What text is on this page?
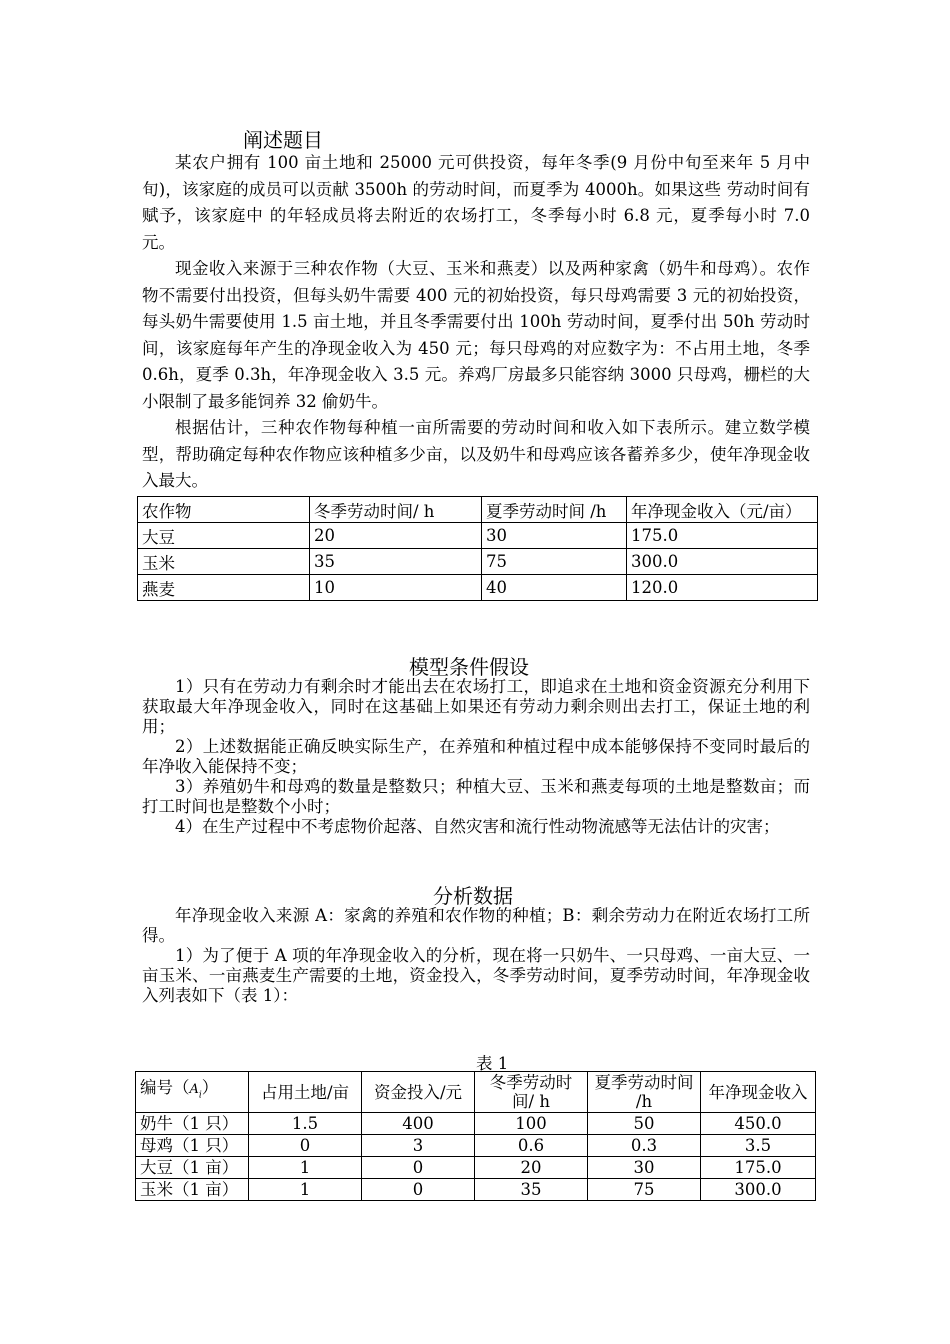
阐述题目

某农户拥有 100 亩土地和 25000 元可供投资，每年冬季(9 月份中旬至来年 5 月中旬)，该家庭的成员可以贡献 3500h 的劳动时间，而夏季为 4000h。如果这些 劳动时间有赋予，该家庭中 的年轻成员将去附近的农场打工，冬季每小时 6.8 元，夏季每小时 7.0 元。

现金收入来源于三种农作物（大豆、玉米和燕麦）以及两种家禽（奶牛和母鸡）。农作物不需要付出投资，但每头奶牛需要 400 元的初始投资，每只母鸡需要 3 元的初始投资，每头奶牛需要使用 1.5 亩土地，并且冬季需要付出 100h 劳动时间，夏季付出 50h 劳动时间，该家庭每年产生的净现金收入为 450 元；每只母鸡的对应数字为：不占用土地，冬季 0.6h，夏季 0.3h，年净现金收入 3.5 元。养鸡厂房最多只能容纳 3000 只母鸡，栅栏的大小限制了最多能饲养 32 偷奶牛。

根据估计，三种农作物每种植一亩所需要的劳动时间和收入如下表所示。建立数学模型，帮助确定每种农作物应该种植多少亩，以及奶牛和母鸡应该各蓄养多少，使年净现金收入最大。

农作物	冬季劳动时间/ h	夏季劳动时间 /h	年净现金收入（元/亩）
大豆	20	30	175.0
玉米	35	75	300.0
燕麦	10	40	120.0
模型条件假设

1）只有在劳动力有剩余时才能出去在农场打工，即追求在土地和资金资源充分利用下获取最大年净现金收入，同时在这基础上如果还有劳动力剩余则出去打工，保证土地的利用；

2）上述数据能正确反映实际生产，在养殖和种植过程中成本能够保持不变同时最后的年净收入能保持不变；

3）养殖奶牛和母鸡的数量是整数只；种植大豆、玉米和燕麦每项的土地是整数亩；而打工时间也是整数个小时；

4）在生产过程中不考虑物价起落、自然灾害和流行性动物流感等无法估计的灾害；

分析数据

年净现金收入来源 A：家禽的养殖和农作物的种植；B：剩余劳动力在附近农场打工所得。

1）为了便于 A 项的年净现金收入的分析，现在将一只奶牛、一只母鸡、一亩大豆、一亩玉米、一亩燕麦生产需要的土地，资金投入，冬季劳动时间，夏季劳动时间，年净现金收入列表如下（表 1）：

表 1
编号$(A_i)$	占用土地/亩	资金投入/元	冬季劳动时间/ h	夏季劳动时间 /h	年净现金收入
奶牛（1 只）	1.5	400	100	50	450.0
母鸡（1 只）	0	3	0.6	0.3	3.5
大豆（1 亩）	1	0	20	30	175.0
玉米（1 亩）	1	0	35	75	300.0
